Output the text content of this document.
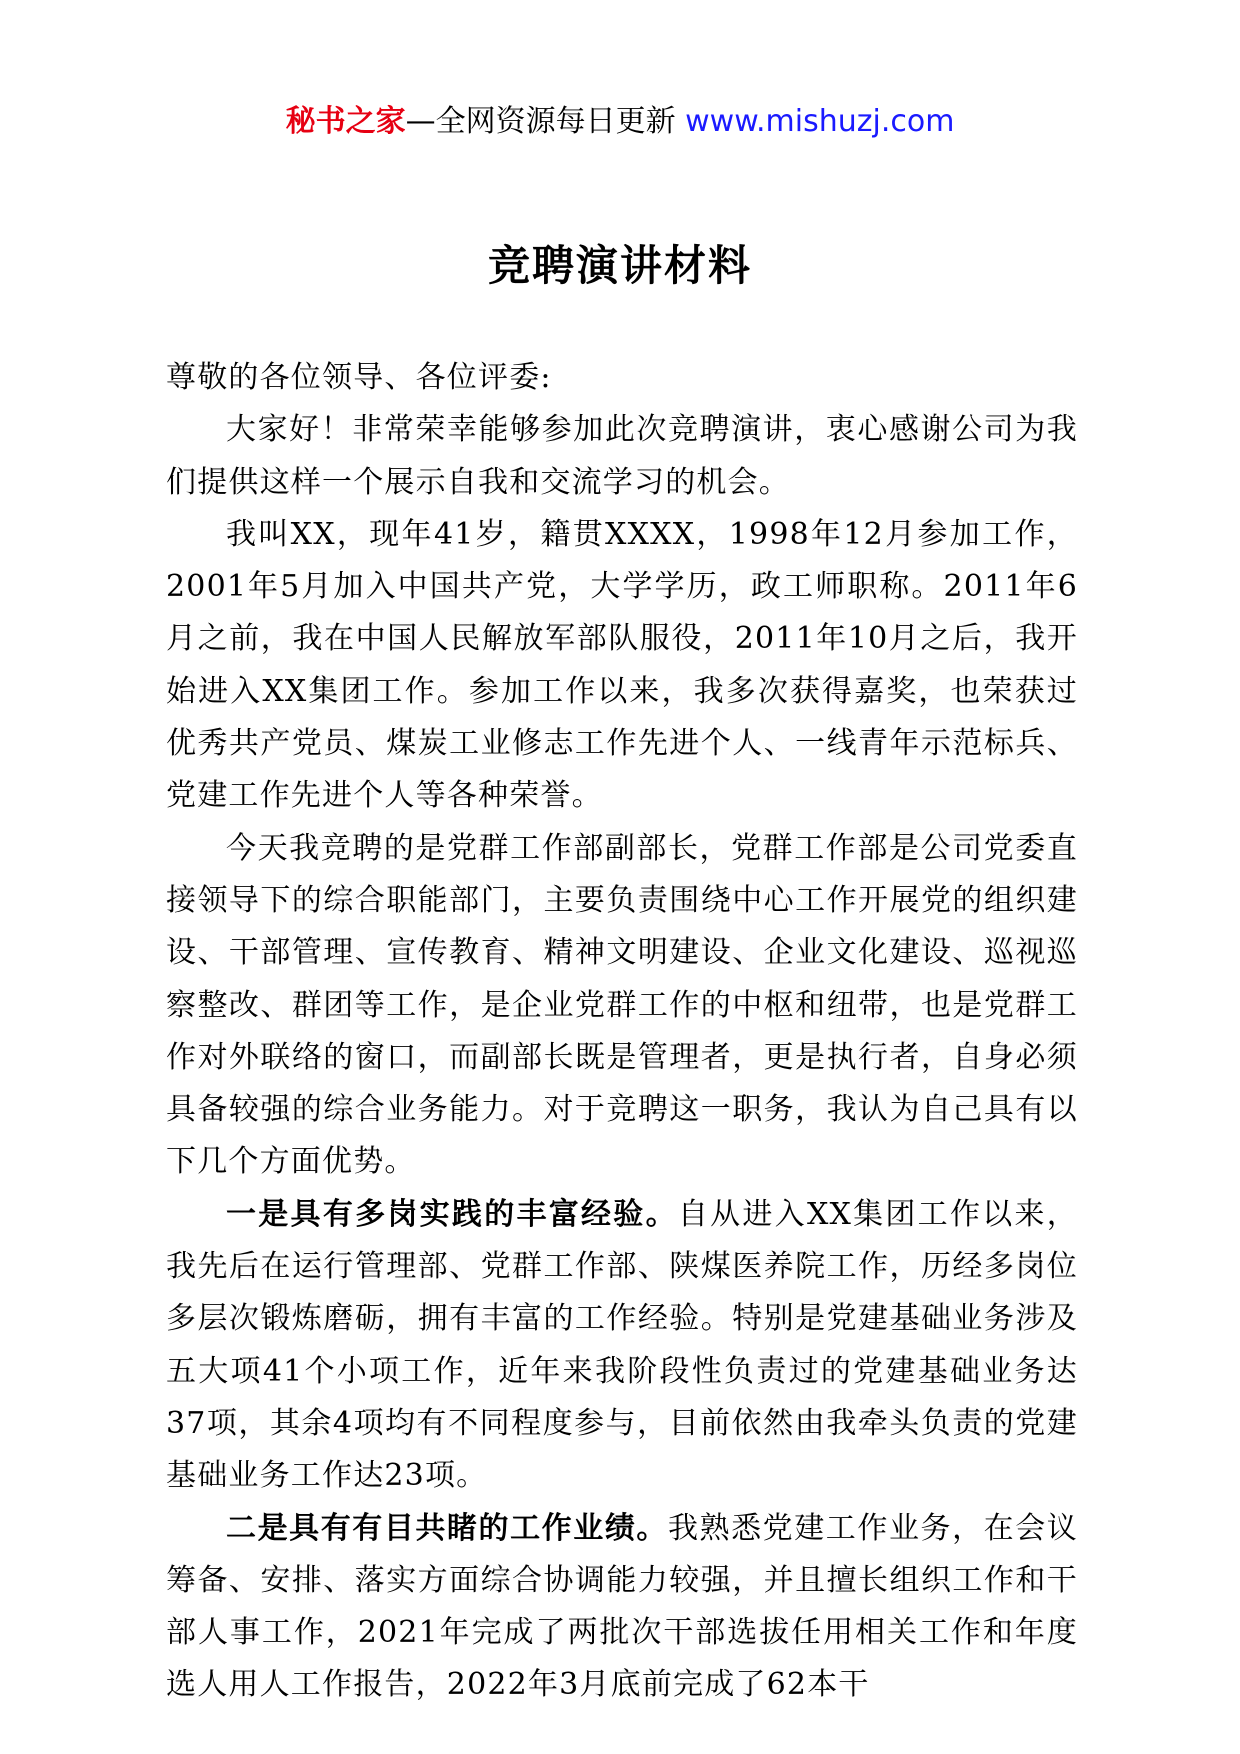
秘书之家—全网资源每日更新 www.mishuzj.com
竞聘演讲材料

尊敬的各位领导、各位评委:

大家好！非常荣幸能够参加此次竞聘演讲，衷心感谢公司为我们提供这样一个展示自我和交流学习的机会。

我叫XX，现年41岁，籍贯XXXX，1998年12月参加工作，2001年5月加入中国共产党，大学学历，政工师职称。2011年6月之前，我在中国人民解放军部队服役，2011年10月之后，我开始进入XX集团工作。参加工作以来，我多次获得嘉奖，也荣获过优秀共产党员、煤炭工业修志工作先进个人、一线青年示范标兵、党建工作先进个人等各种荣誉。

今天我竞聘的是党群工作部副部长，党群工作部是公司党委直接领导下的综合职能部门，主要负责围绕中心工作开展党的组织建设、干部管理、宣传教育、精神文明建设、企业文化建设、巡视巡察整改、群团等工作，是企业党群工作的中枢和纽带，也是党群工作对外联络的窗口，而副部长既是管理者，更是执行者，自身必须具备较强的综合业务能力。对于竞聘这一职务，我认为自己具有以下几个方面优势。

一是具有多岗实践的丰富经验。自从进入XX集团工作以来，我先后在运行管理部、党群工作部、陕煤医养院工作，历经多岗位多层次锻炼磨砺，拥有丰富的工作经验。特别是党建基础业务涉及五大项41个小项工作，近年来我阶段性负责过的党建基础业务达37项，其余4项均有不同程度参与，目前依然由我牵头负责的党建基础业务工作达23项。

二是具有有目共睹的工作业绩。我熟悉党建工作业务，在会议筹备、安排、落实方面综合协调能力较强，并且擅长组织工作和干部人事工作，2021年完成了两批次干部选拔任用相关工作和年度选人用人工作报告，2022年3月底前完成了62本干
